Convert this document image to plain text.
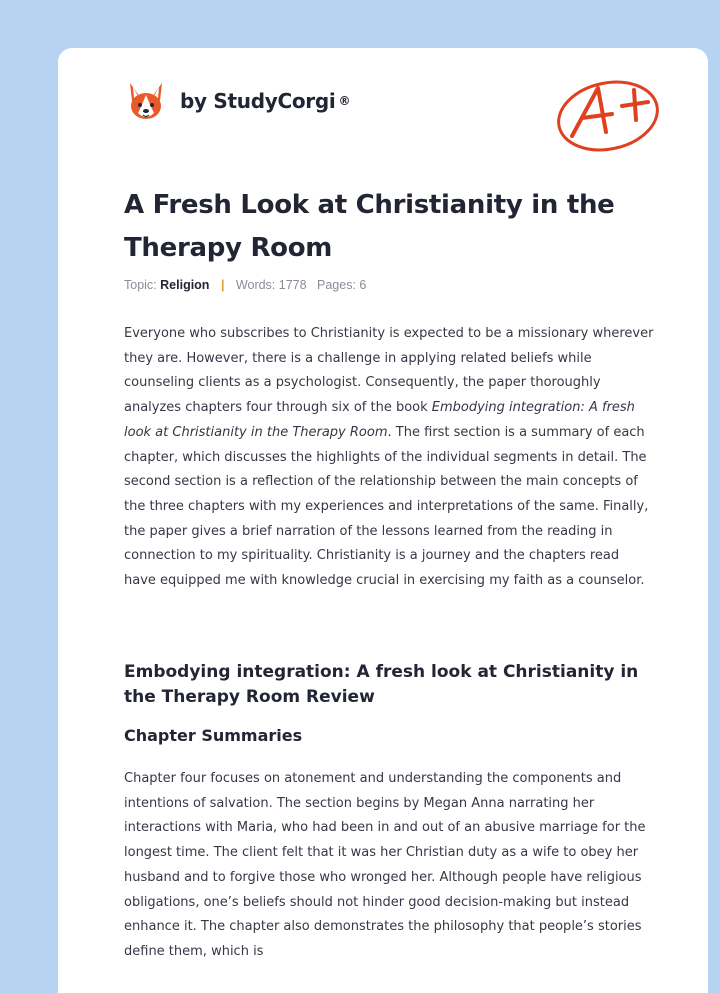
by StudyCorgi ®
A Fresh Look at Christianity in the Therapy Room
Topic: Religion | Words: 1778 Pages: 6

Everyone who subscribes to Christianity is expected to be a missionary wherever they are. However, there is a challenge in applying related beliefs while counseling clients as a psychologist. Consequently, the paper thoroughly analyzes chapters four through six of the book Embodying integration: A fresh look at Christianity in the Therapy Room. The first section is a summary of each chapter, which discusses the highlights of the individual segments in detail. The second section is a reflection of the relationship between the main concepts of the three chapters with my experiences and interpretations of the same. Finally, the paper gives a brief narration of the lessons learned from the reading in connection to my spirituality. Christianity is a journey and the chapters read have equipped me with knowledge crucial in exercising my faith as a counselor.

Embodying integration: A fresh look at Christianity in the Therapy Room Review
Chapter Summaries

Chapter four focuses on atonement and understanding the components and intentions of salvation. The section begins by Megan Anna narrating her interactions with Maria, who had been in and out of an abusive marriage for the longest time. The client felt that it was her Christian duty as a wife to obey her husband and to forgive those who wronged her. Although people have religious obligations, one’s beliefs should not hinder good decision-making but instead enhance it. The chapter also demonstrates the philosophy that people’s stories define them, which is
